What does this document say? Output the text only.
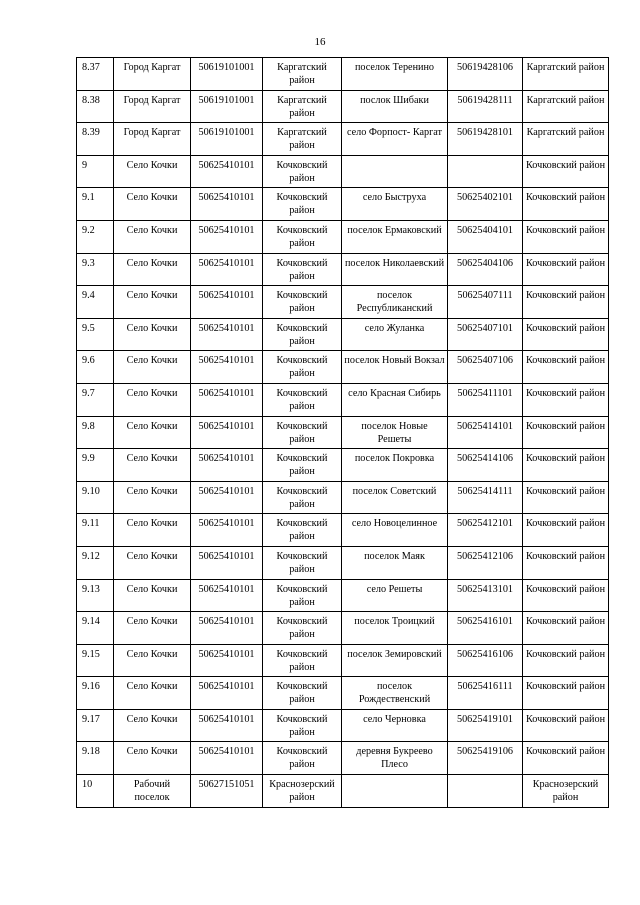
16
8.37	Город Каргат	50619101001	Каргатский район	поселок Теренино	50619428106	Каргатский район
8.38	Город Каргат	50619101001	Каргатский район	послок Шибаки	50619428111	Каргатский район
8.39	Город Каргат	50619101001	Каргатский район	село Форпост- Каргат	50619428101	Каргатский район
9	Село Кочки	50625410101	Кочковский район			Кочковский район
9.1	Село Кочки	50625410101	Кочковский район	село Быструха	50625402101	Кочковский район
9.2	Село Кочки	50625410101	Кочковский район	поселок Ермаковский	50625404101	Кочковский район
9.3	Село Кочки	50625410101	Кочковский район	поселок Николаевский	50625404106	Кочковский район
9.4	Село Кочки	50625410101	Кочковский район	поселок Республиканский	50625407111	Кочковский район
9.5	Село Кочки	50625410101	Кочковский район	село Жуланка	50625407101	Кочковский район
9.6	Село Кочки	50625410101	Кочковский район	поселок Новый Вокзал	50625407106	Кочковский район
9.7	Село Кочки	50625410101	Кочковский район	село Красная Сибирь	50625411101	Кочковский район
9.8	Село Кочки	50625410101	Кочковский район	поселок Новые Решеты	50625414101	Кочковский район
9.9	Село Кочки	50625410101	Кочковский район	поселок Покровка	50625414106	Кочковский район
9.10	Село Кочки	50625410101	Кочковский район	поселок Советский	50625414111	Кочковский район
9.11	Село Кочки	50625410101	Кочковский район	село Новоцелинное	50625412101	Кочковский район
9.12	Село Кочки	50625410101	Кочковский район	поселок Маяк	50625412106	Кочковский район
9.13	Село Кочки	50625410101	Кочковский район	село Решеты	50625413101	Кочковский район
9.14	Село Кочки	50625410101	Кочковский район	поселок Троицкий	50625416101	Кочковский район
9.15	Село Кочки	50625410101	Кочковский район	поселок Земировский	50625416106	Кочковский район
9.16	Село Кочки	50625410101	Кочковский район	поселок Рождественский	50625416111	Кочковский район
9.17	Село Кочки	50625410101	Кочковский район	село Черновка	50625419101	Кочковский район
9.18	Село Кочки	50625410101	Кочковский район	деревня Букреево Плесо	50625419106	Кочковский район
10	Рабочий поселок	50627151051	Краснозерский район			Краснозерский район
